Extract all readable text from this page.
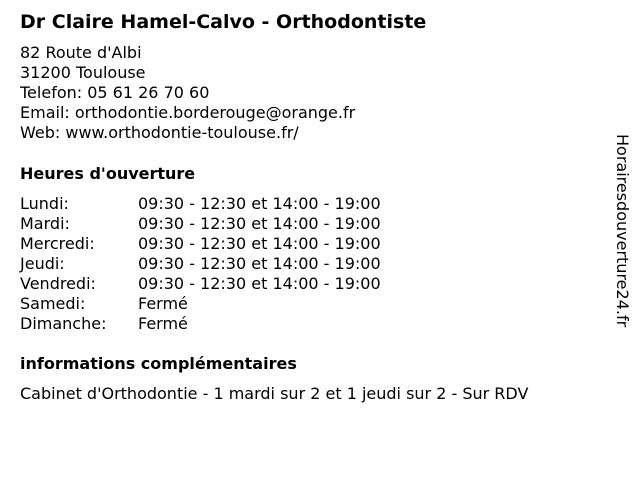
Dr Claire Hamel-Calvo - Orthodontiste
82 Route d'Albi
31200 Toulouse
Telefon: 05 61 26 70 60
Email: orthodontie.borderouge@orange.fr
Web: www.orthodontie-toulouse.fr/
Heures d'ouverture
Lundi:	09:30 - 12:30 et 14:00 - 19:00
Mardi:	09:30 - 12:30 et 14:00 - 19:00
Mercredi:	09:30 - 12:30 et 14:00 - 19:00
Jeudi:	09:30 - 12:30 et 14:00 - 19:00
Vendredi:	09:30 - 12:30 et 14:00 - 19:00
Samedi:	Fermé
Dimanche: Fermé
informations complémentaires
Cabinet d'Orthodontie - 1 mardi sur 2 et 1 jeudi sur 2 - Sur RDV
Horairesdouverture24.fr
